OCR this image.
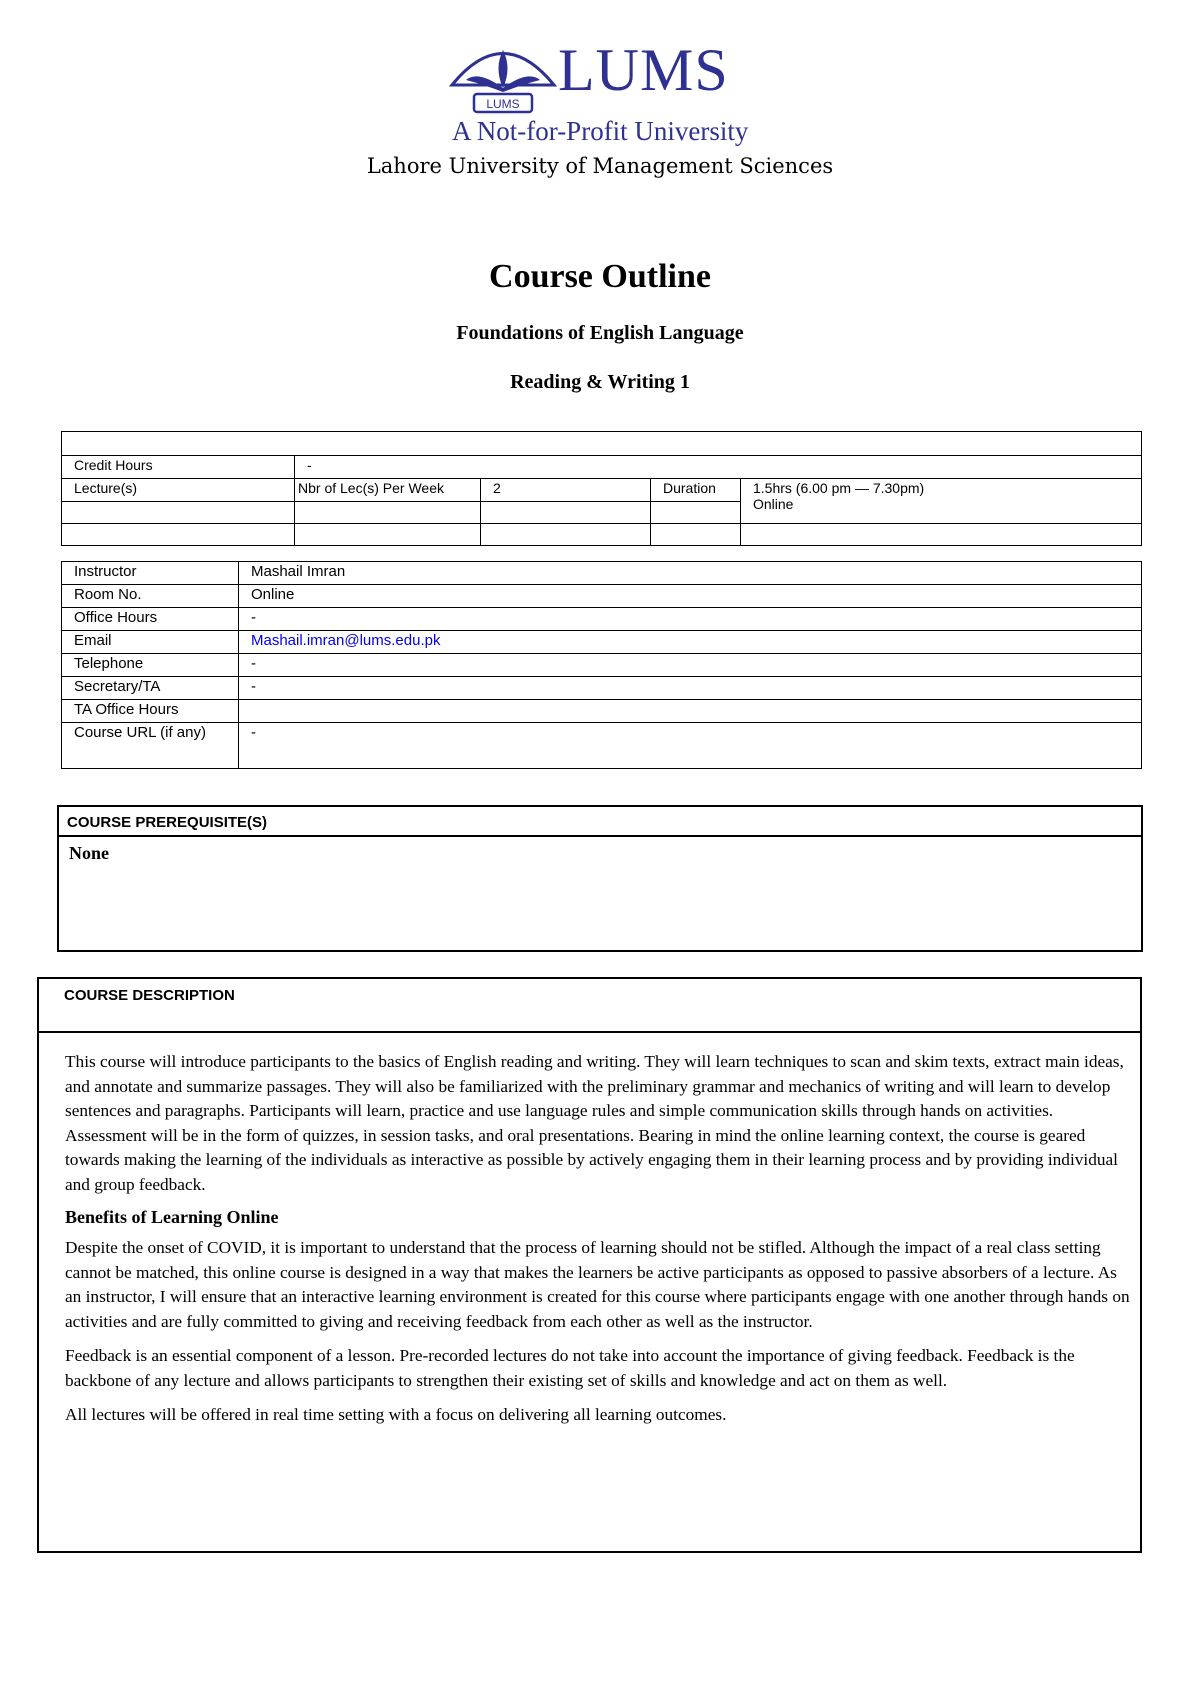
LUMS
LUMS
A Not-for-Profit University
Lahore University of Management Sciences
Course Outline
Foundations of English Language
Reading & Writing 1

Credit Hours	-			
Lecture(s)	Nbr of Lec(s) Per Week	2	Duration	1.5hrs (6.00 pm — 7.30pm)
Online

Instructor	Mashail Imran
Room No.	Online
Office Hours	-
Email	Mashail.imran@lums.edu.pk
Telephone	-
Secretary/TA	-
TA Office Hours	
Course URL (if any)	-
COURSE PREREQUISITE(S)
None
COURSE DESCRIPTION

This course will introduce participants to the basics of English reading and writing. They will learn techniques to scan and skim texts, extract main ideas, and annotate and summarize passages. They will also be familiarized with the preliminary grammar and mechanics of writing and will learn to develop sentences and paragraphs. Participants will learn, practice and use language rules and simple communication skills through hands on activities. Assessment will be in the form of quizzes, in session tasks, and oral presentations. Bearing in mind the online learning context, the course is geared towards making the learning of the individuals as interactive as possible by actively engaging them in their learning process and by providing individual and group feedback.

Benefits of Learning Online

Despite the onset of COVID, it is important to understand that the process of learning should not be stifled. Although the impact of a real class setting cannot be matched, this online course is designed in a way that makes the learners be active participants as opposed to passive absorbers of a lecture. As an instructor, I will ensure that an interactive learning environment is created for this course where participants engage with one another through hands on activities and are fully committed to giving and receiving feedback from each other as well as the instructor.

Feedback is an essential component of a lesson. Pre-recorded lectures do not take into account the importance of giving feedback. Feedback is the backbone of any lecture and allows participants to strengthen their existing set of skills and knowledge and act on them as well.

All lectures will be offered in real time setting with a focus on delivering all learning outcomes.
